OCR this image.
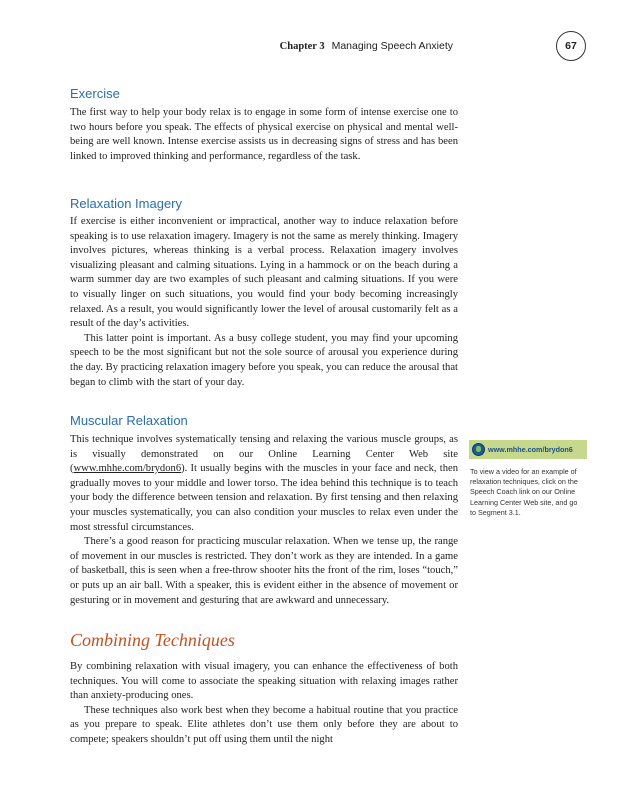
Chapter 3 Managing Speech Anxiety	67
Exercise

The first way to help your body relax is to engage in some form of intense exercise one to two hours before you speak. The effects of physical exercise on physical and mental well-being are well known. Intense exercise assists us in decreasing signs of stress and has been linked to improved thinking and performance, regardless of the task.

Relaxation Imagery

If exercise is either inconvenient or impractical, another way to induce relaxation before speaking is to use relaxation imagery. Imagery is not the same as merely thinking. Imagery involves pictures, whereas thinking is a verbal process. Relaxation imagery involves visualizing pleasant and calming situations. Lying in a hammock or on the beach during a warm summer day are two examples of such pleasant and calming situations. If you were to visually linger on such situations, you would find your body becoming increasingly relaxed. As a result, you would significantly lower the level of arousal customarily felt as a result of the day’s activities.

This latter point is important. As a busy college student, you may find your upcoming speech to be the most significant but not the sole source of arousal you experience during the day. By practicing relaxation imagery before you speak, you can reduce the arousal that began to climb with the start of your day.

Muscular Relaxation

This technique involves systematically tensing and relaxing the various muscle groups, as is visually demonstrated on our Online Learning Center Web site (www.mhhe.com/brydon6). It usually begins with the muscles in your face and neck, then gradually moves to your middle and lower torso. The idea behind this technique is to teach your body the difference between tension and relaxation. By first tensing and then relaxing your muscles systematically, you can also condition your muscles to relax even under the most stressful circumstances.

There’s a good reason for practicing muscular relaxation. When we tense up, the range of movement in our muscles is restricted. They don’t work as they are intended. In a game of basketball, this is seen when a free-throw shooter hits the front of the rim, loses “touch,” or puts up an air ball. With a speaker, this is evident either in the absence of movement or gesturing or in movement and gesturing that are awkward and unnecessary.

Combining Techniques

By combining relaxation with visual imagery, you can enhance the effectiveness of both techniques. You will come to associate the speaking situation with relaxing images rather than anxiety-producing ones.

These techniques also work best when they become a habitual routine that you practice as you prepare to speak. Elite athletes don’t use them only before they are about to compete; speakers shouldn’t put off using them until the night

www.mhhe.com/brydon6

To view a video for an example of relaxation techniques, click on the Speech Coach link on our Online Learning Center Web site, and go to Segment 3.1.
